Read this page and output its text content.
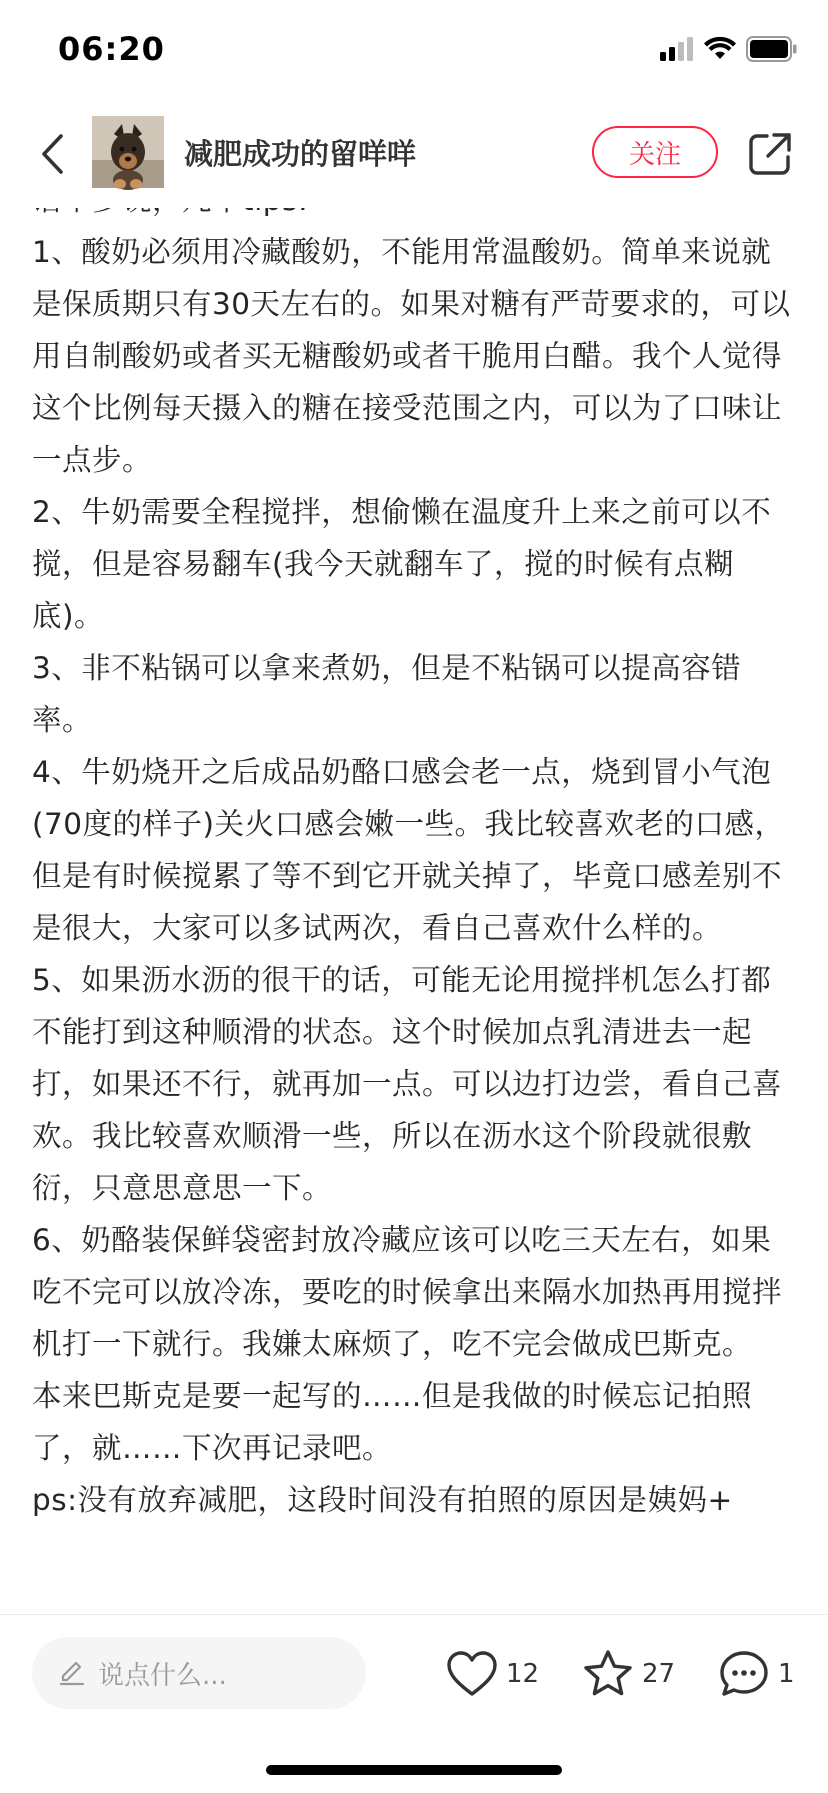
06:20
减肥成功的留咩咩	关注

1、酸奶必须用冷藏酸奶，不能用常温酸奶。简单来说就是保质期只有30天左右的。如果对糖有严苛要求的，可以用自制酸奶或者买无糖酸奶或者干脆用白醋。我个人觉得这个比例每天摄入的糖在接受范围之内，可以为了口味让一点步。

2、牛奶需要全程搅拌，想偷懒在温度升上来之前可以不搅，但是容易翻车(我今天就翻车了，搅的时候有点糊底)。

3、非不粘锅可以拿来煮奶，但是不粘锅可以提高容错率。

4、牛奶烧开之后成品奶酪口感会老一点，烧到冒小气泡(70度的样子)关火口感会嫩一些。我比较喜欢老的口感，但是有时候搅累了等不到它开就关掉了，毕竟口感差别不是很大，大家可以多试两次，看自己喜欢什么样的。

5、如果沥水沥的很干的话，可能无论用搅拌机怎么打都不能打到这种顺滑的状态。这个时候加点乳清进去一起打，如果还不行，就再加一点。可以边打边尝，看自己喜欢。我比较喜欢顺滑一些，所以在沥水这个阶段就很敷衍，只意思意思一下。

6、奶酪装保鲜袋密封放冷藏应该可以吃三天左右，如果吃不完可以放冷冻，要吃的时候拿出来隔水加热再用搅拌机打一下就行。我嫌太麻烦了，吃不完会做成巴斯克。

本来巴斯克是要一起写的……但是我做的时候忘记拍照了，就……下次再记录吧。

ps:没有放弃减肥，这段时间没有拍照的原因是姨妈+

说点什么...	12	27	1
